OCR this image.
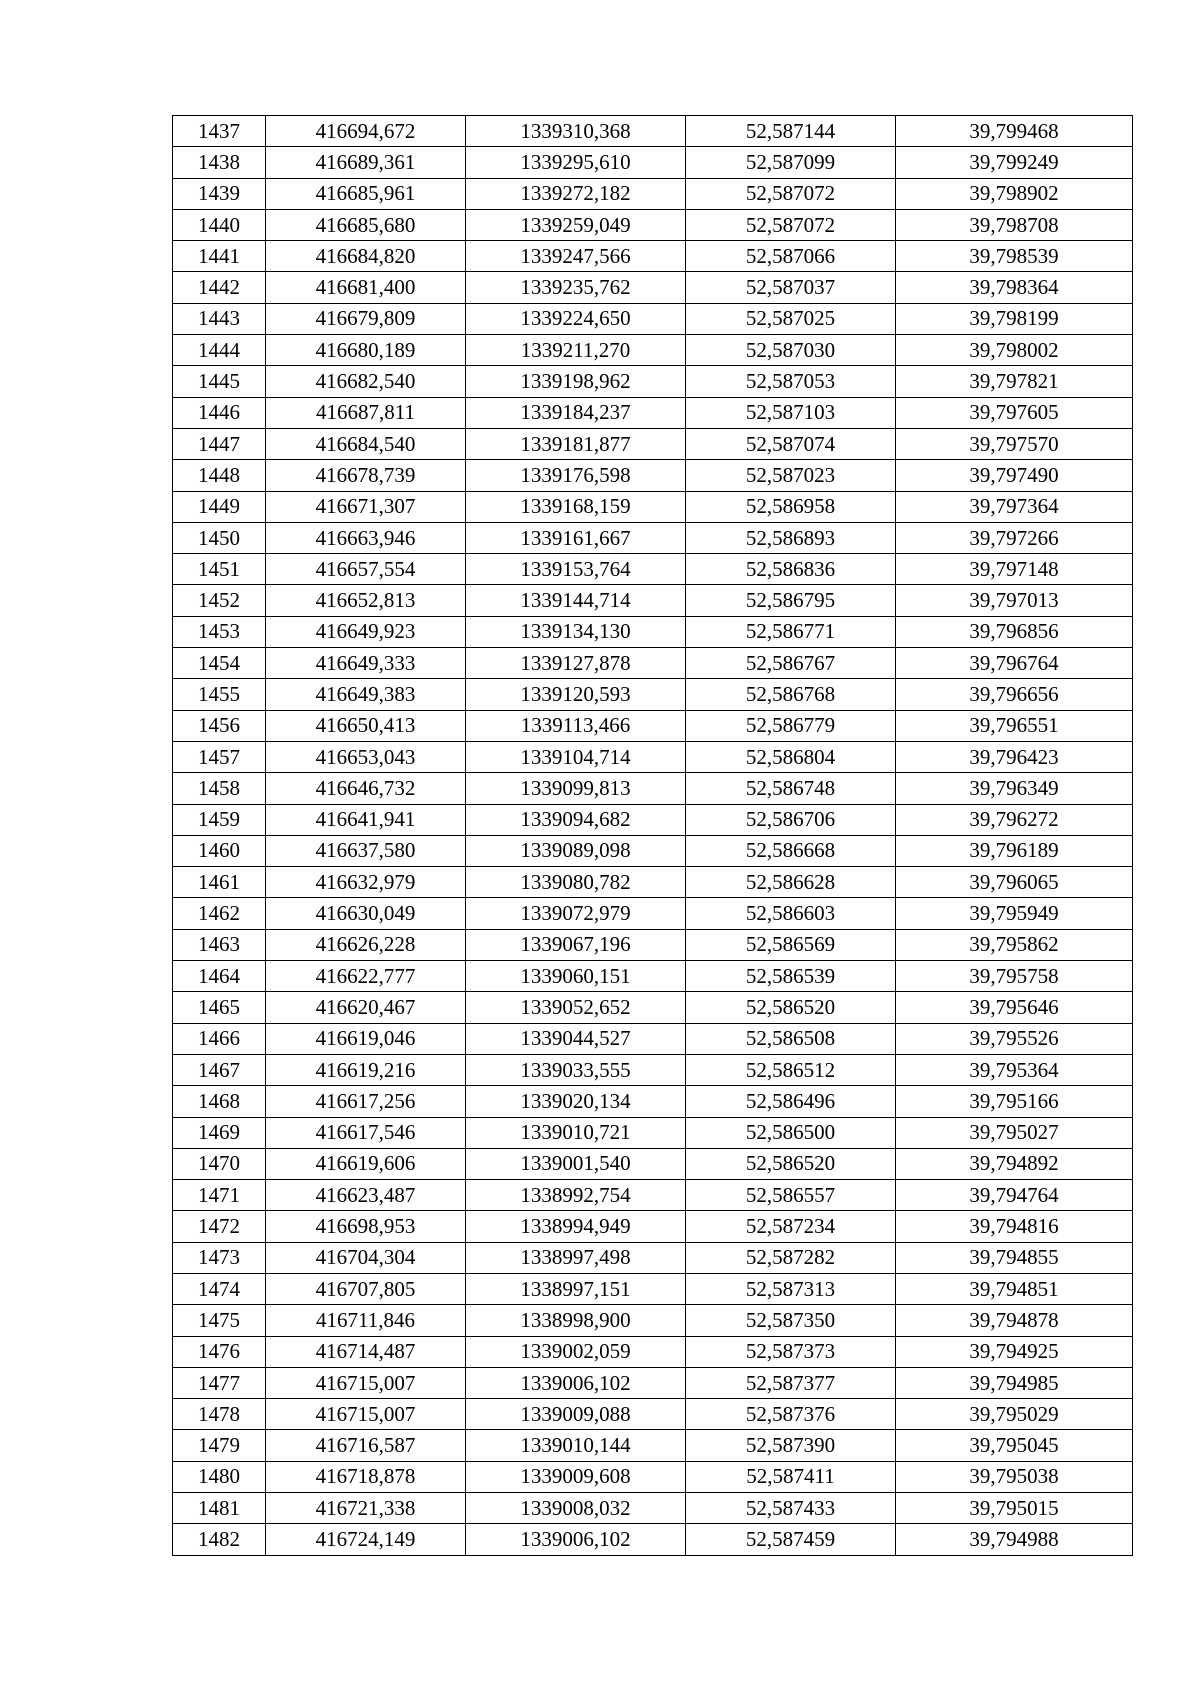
1437	416694,672	1339310,368	52,587144	39,799468
1438	416689,361	1339295,610	52,587099	39,799249
1439	416685,961	1339272,182	52,587072	39,798902
1440	416685,680	1339259,049	52,587072	39,798708
1441	416684,820	1339247,566	52,587066	39,798539
1442	416681,400	1339235,762	52,587037	39,798364
1443	416679,809	1339224,650	52,587025	39,798199
1444	416680,189	1339211,270	52,587030	39,798002
1445	416682,540	1339198,962	52,587053	39,797821
1446	416687,811	1339184,237	52,587103	39,797605
1447	416684,540	1339181,877	52,587074	39,797570
1448	416678,739	1339176,598	52,587023	39,797490
1449	416671,307	1339168,159	52,586958	39,797364
1450	416663,946	1339161,667	52,586893	39,797266
1451	416657,554	1339153,764	52,586836	39,797148
1452	416652,813	1339144,714	52,586795	39,797013
1453	416649,923	1339134,130	52,586771	39,796856
1454	416649,333	1339127,878	52,586767	39,796764
1455	416649,383	1339120,593	52,586768	39,796656
1456	416650,413	1339113,466	52,586779	39,796551
1457	416653,043	1339104,714	52,586804	39,796423
1458	416646,732	1339099,813	52,586748	39,796349
1459	416641,941	1339094,682	52,586706	39,796272
1460	416637,580	1339089,098	52,586668	39,796189
1461	416632,979	1339080,782	52,586628	39,796065
1462	416630,049	1339072,979	52,586603	39,795949
1463	416626,228	1339067,196	52,586569	39,795862
1464	416622,777	1339060,151	52,586539	39,795758
1465	416620,467	1339052,652	52,586520	39,795646
1466	416619,046	1339044,527	52,586508	39,795526
1467	416619,216	1339033,555	52,586512	39,795364
1468	416617,256	1339020,134	52,586496	39,795166
1469	416617,546	1339010,721	52,586500	39,795027
1470	416619,606	1339001,540	52,586520	39,794892
1471	416623,487	1338992,754	52,586557	39,794764
1472	416698,953	1338994,949	52,587234	39,794816
1473	416704,304	1338997,498	52,587282	39,794855
1474	416707,805	1338997,151	52,587313	39,794851
1475	416711,846	1338998,900	52,587350	39,794878
1476	416714,487	1339002,059	52,587373	39,794925
1477	416715,007	1339006,102	52,587377	39,794985
1478	416715,007	1339009,088	52,587376	39,795029
1479	416716,587	1339010,144	52,587390	39,795045
1480	416718,878	1339009,608	52,587411	39,795038
1481	416721,338	1339008,032	52,587433	39,795015
1482	416724,149	1339006,102	52,587459	39,794988
